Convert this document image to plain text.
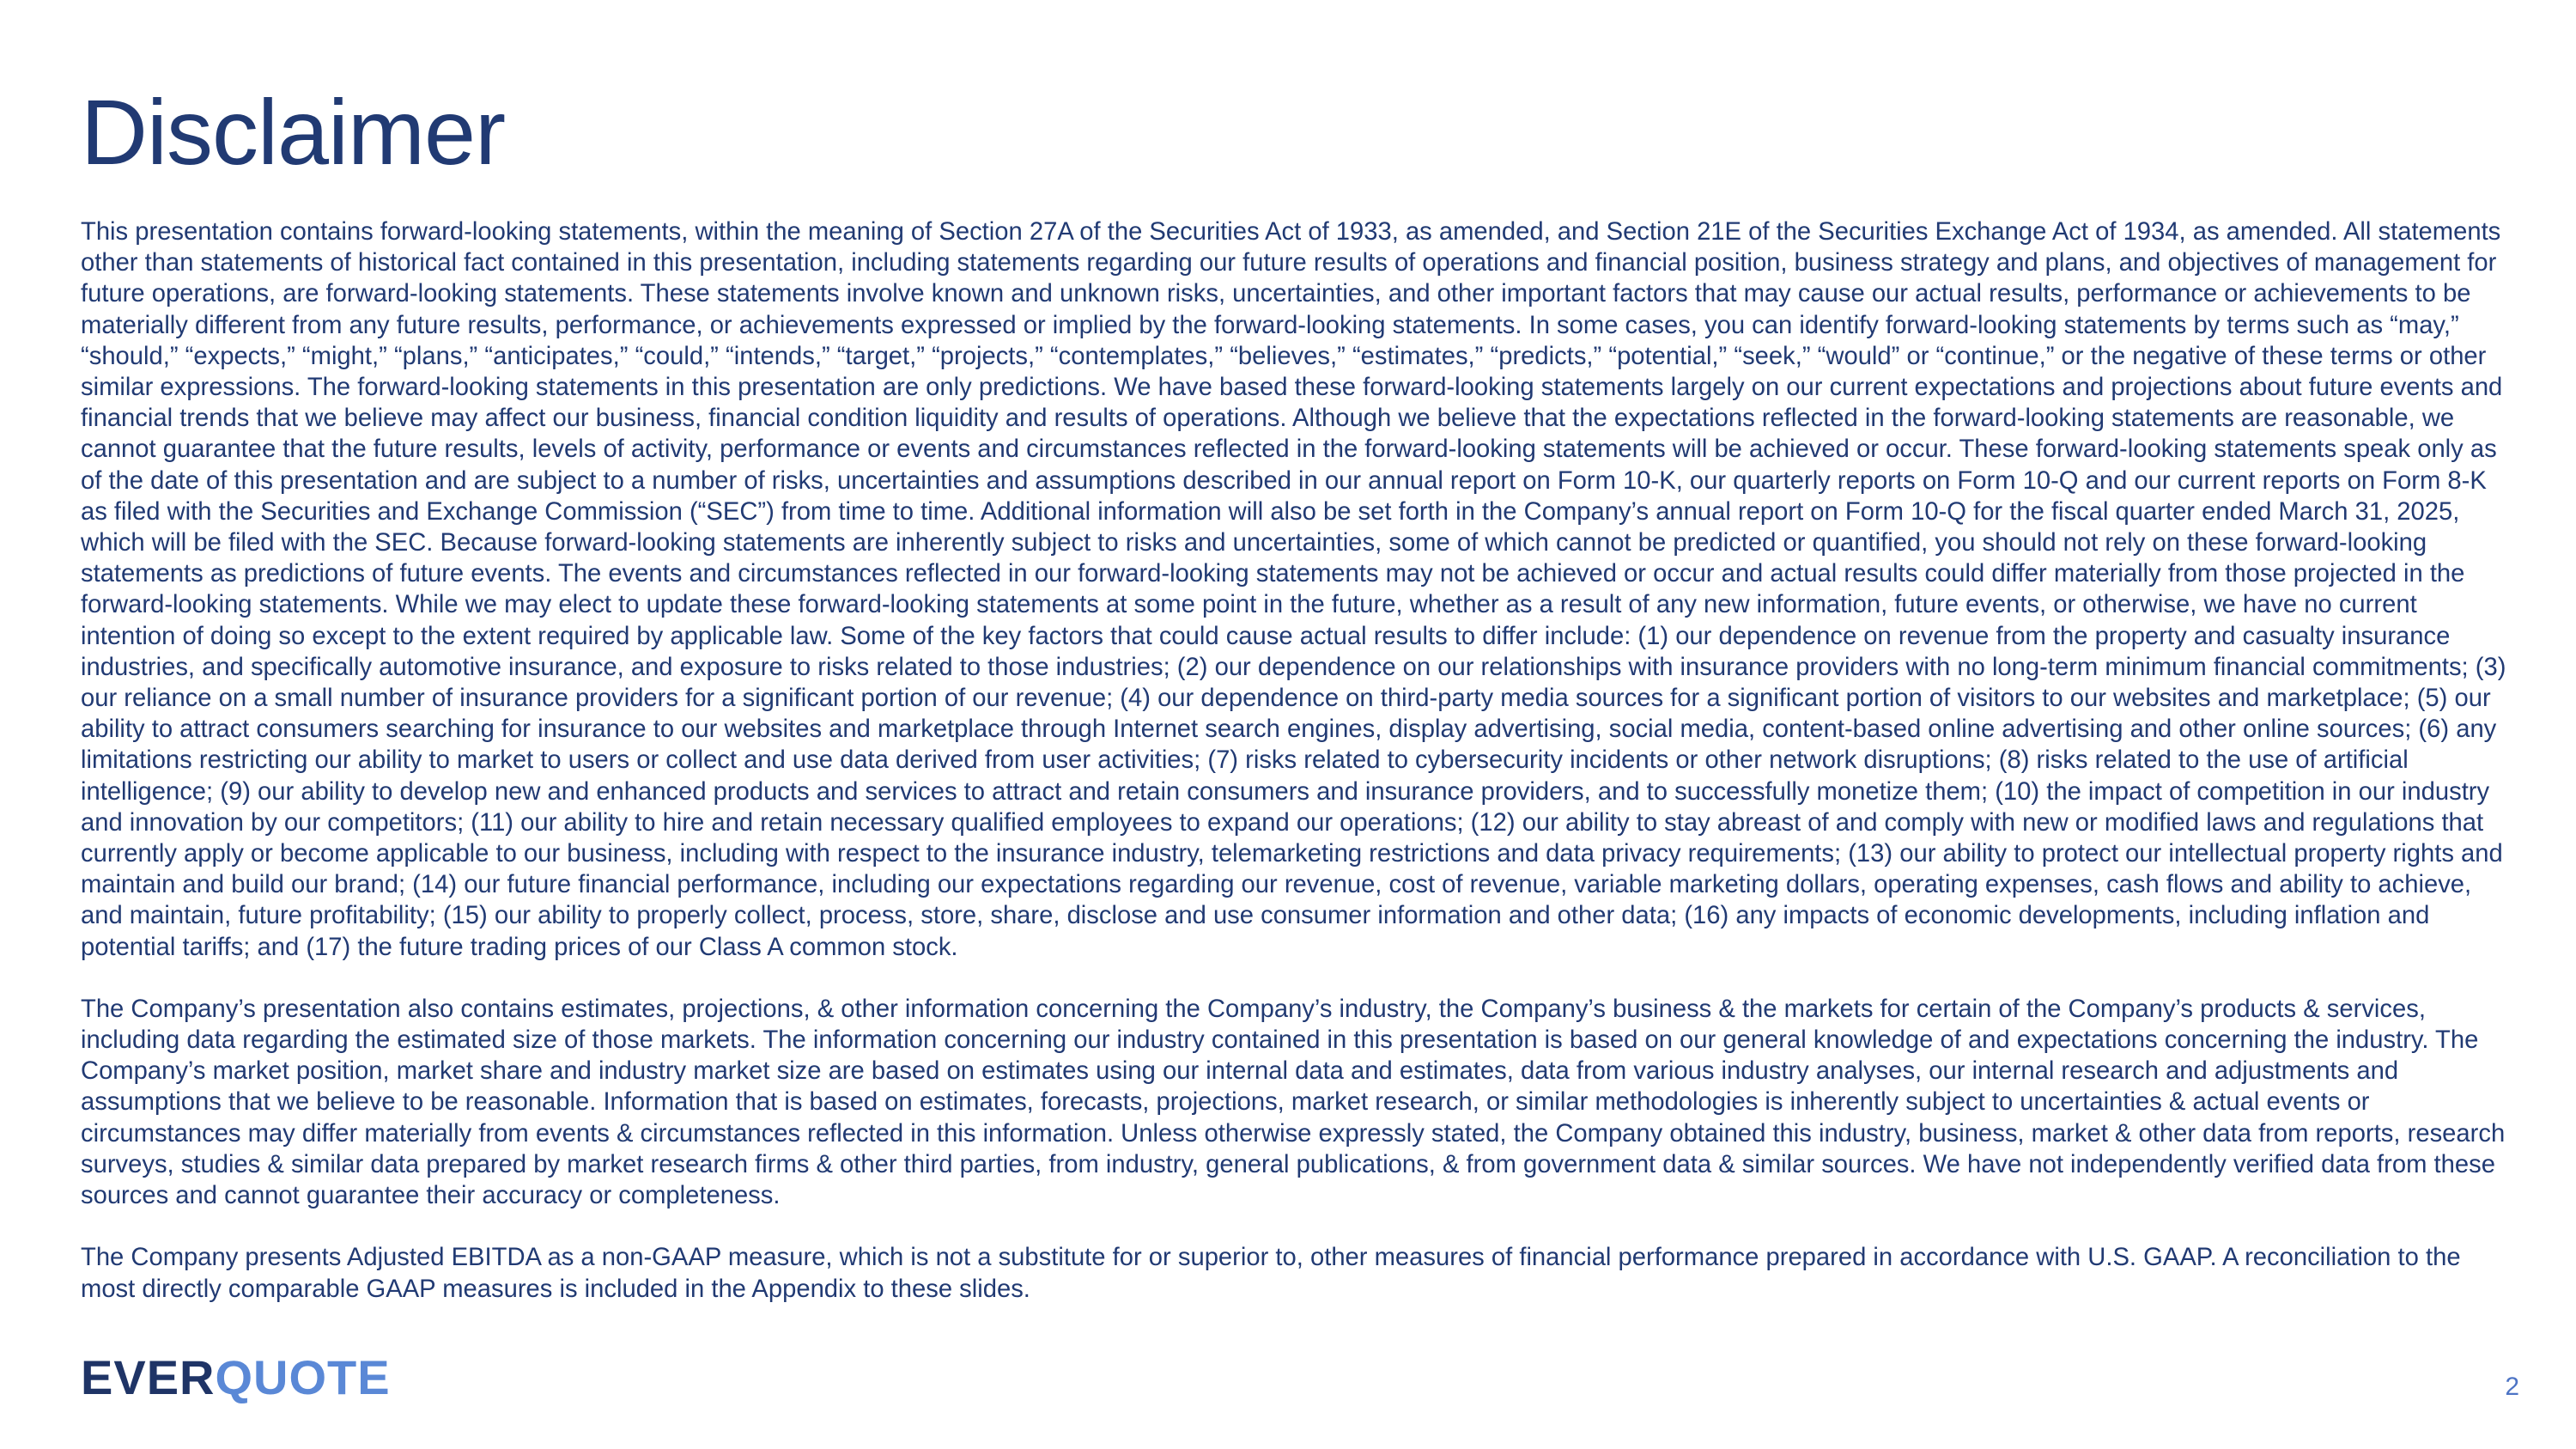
Disclaimer

This presentation contains forward-looking statements, within the meaning of Section 27A of the Securities Act of 1933, as amended, and Section 21E of the Securities Exchange Act of 1934, as amended. All statements other than statements of historical fact contained in this presentation, including statements regarding our future results of operations and financial position, business strategy and plans, and objectives of management for future operations, are forward-looking statements. These statements involve known and unknown risks, uncertainties, and other important factors that may cause our actual results, performance or achievements to be materially different from any future results, performance, or achievements expressed or implied by the forward-looking statements. In some cases, you can identify forward-looking statements by terms such as “may,” “should,” “expects,” “might,” “plans,” “anticipates,” “could,” “intends,” “target,” “projects,” “contemplates,” “believes,” “estimates,” “predicts,” “potential,” “seek,” “would” or “continue,” or the negative of these terms or other similar expressions. The forward-looking statements in this presentation are only predictions. We have based these forward-looking statements largely on our current expectations and projections about future events and financial trends that we believe may affect our business, financial condition liquidity and results of operations. Although we believe that the expectations reflected in the forward-looking statements are reasonable, we cannot guarantee that the future results, levels of activity, performance or events and circumstances reflected in the forward-looking statements will be achieved or occur. These forward-looking statements speak only as of the date of this presentation and are subject to a number of risks, uncertainties and assumptions described in our annual report on Form 10-K, our quarterly reports on Form 10-Q and our current reports on Form 8-K as filed with the Securities and Exchange Commission (“SEC”) from time to time. Additional information will also be set forth in the Company’s annual report on Form 10-Q for the fiscal quarter ended March 31, 2025, which will be filed with the SEC. Because forward-looking statements are inherently subject to risks and uncertainties, some of which cannot be predicted or quantified, you should not rely on these forward-looking statements as predictions of future events. The events and circumstances reflected in our forward-looking statements may not be achieved or occur and actual results could differ materially from those projected in the forward-looking statements. While we may elect to update these forward-looking statements at some point in the future, whether as a result of any new information, future events, or otherwise, we have no current intention of doing so except to the extent required by applicable law. Some of the key factors that could cause actual results to differ include: (1) our dependence on revenue from the property and casualty insurance industries, and specifically automotive insurance, and exposure to risks related to those industries; (2) our dependence on our relationships with insurance providers with no long-term minimum financial commitments; (3) our reliance on a small number of insurance providers for a significant portion of our revenue; (4) our dependence on third-party media sources for a significant portion of visitors to our websites and marketplace; (5) our ability to attract consumers searching for insurance to our websites and marketplace through Internet search engines, display advertising, social media, content-based online advertising and other online sources; (6) any limitations restricting our ability to market to users or collect and use data derived from user activities; (7) risks related to cybersecurity incidents or other network disruptions; (8) risks related to the use of artificial intelligence; (9) our ability to develop new and enhanced products and services to attract and retain consumers and insurance providers, and to successfully monetize them; (10) the impact of competition in our industry and innovation by our competitors; (11) our ability to hire and retain necessary qualified employees to expand our operations; (12) our ability to stay abreast of and comply with new or modified laws and regulations that currently apply or become applicable to our business, including with respect to the insurance industry, telemarketing restrictions and data privacy requirements; (13) our ability to protect our intellectual property rights and maintain and build our brand; (14) our future financial performance, including our expectations regarding our revenue, cost of revenue, variable marketing dollars, operating expenses, cash flows and ability to achieve, and maintain, future profitability; (15) our ability to properly collect, process, store, share, disclose and use consumer information and other data; (16) any impacts of economic developments, including inflation and potential tariffs; and (17) the future trading prices of our Class A common stock.

The Company’s presentation also contains estimates, projections, & other information concerning the Company’s industry, the Company’s business & the markets for certain of the Company’s products & services, including data regarding the estimated size of those markets. The information concerning our industry contained in this presentation is based on our general knowledge of and expectations concerning the industry. The Company’s market position, market share and industry market size are based on estimates using our internal data and estimates, data from various industry analyses, our internal research and adjustments and assumptions that we believe to be reasonable. Information that is based on estimates, forecasts, projections, market research, or similar methodologies is inherently subject to uncertainties & actual events or circumstances may differ materially from events & circumstances reflected in this information. Unless otherwise expressly stated, the Company obtained this industry, business, market & other data from reports, research surveys, studies & similar data prepared by market research firms & other third parties, from industry, general publications, & from government data & similar sources. We have not independently verified data from these sources and cannot guarantee their accuracy or completeness.

The Company presents Adjusted EBITDA as a non-GAAP measure, which is not a substitute for or superior to, other measures of financial performance prepared in accordance with U.S. GAAP. A reconciliation to the most directly comparable GAAP measures is included in the Appendix to these slides.

EVERQUOTE	2
